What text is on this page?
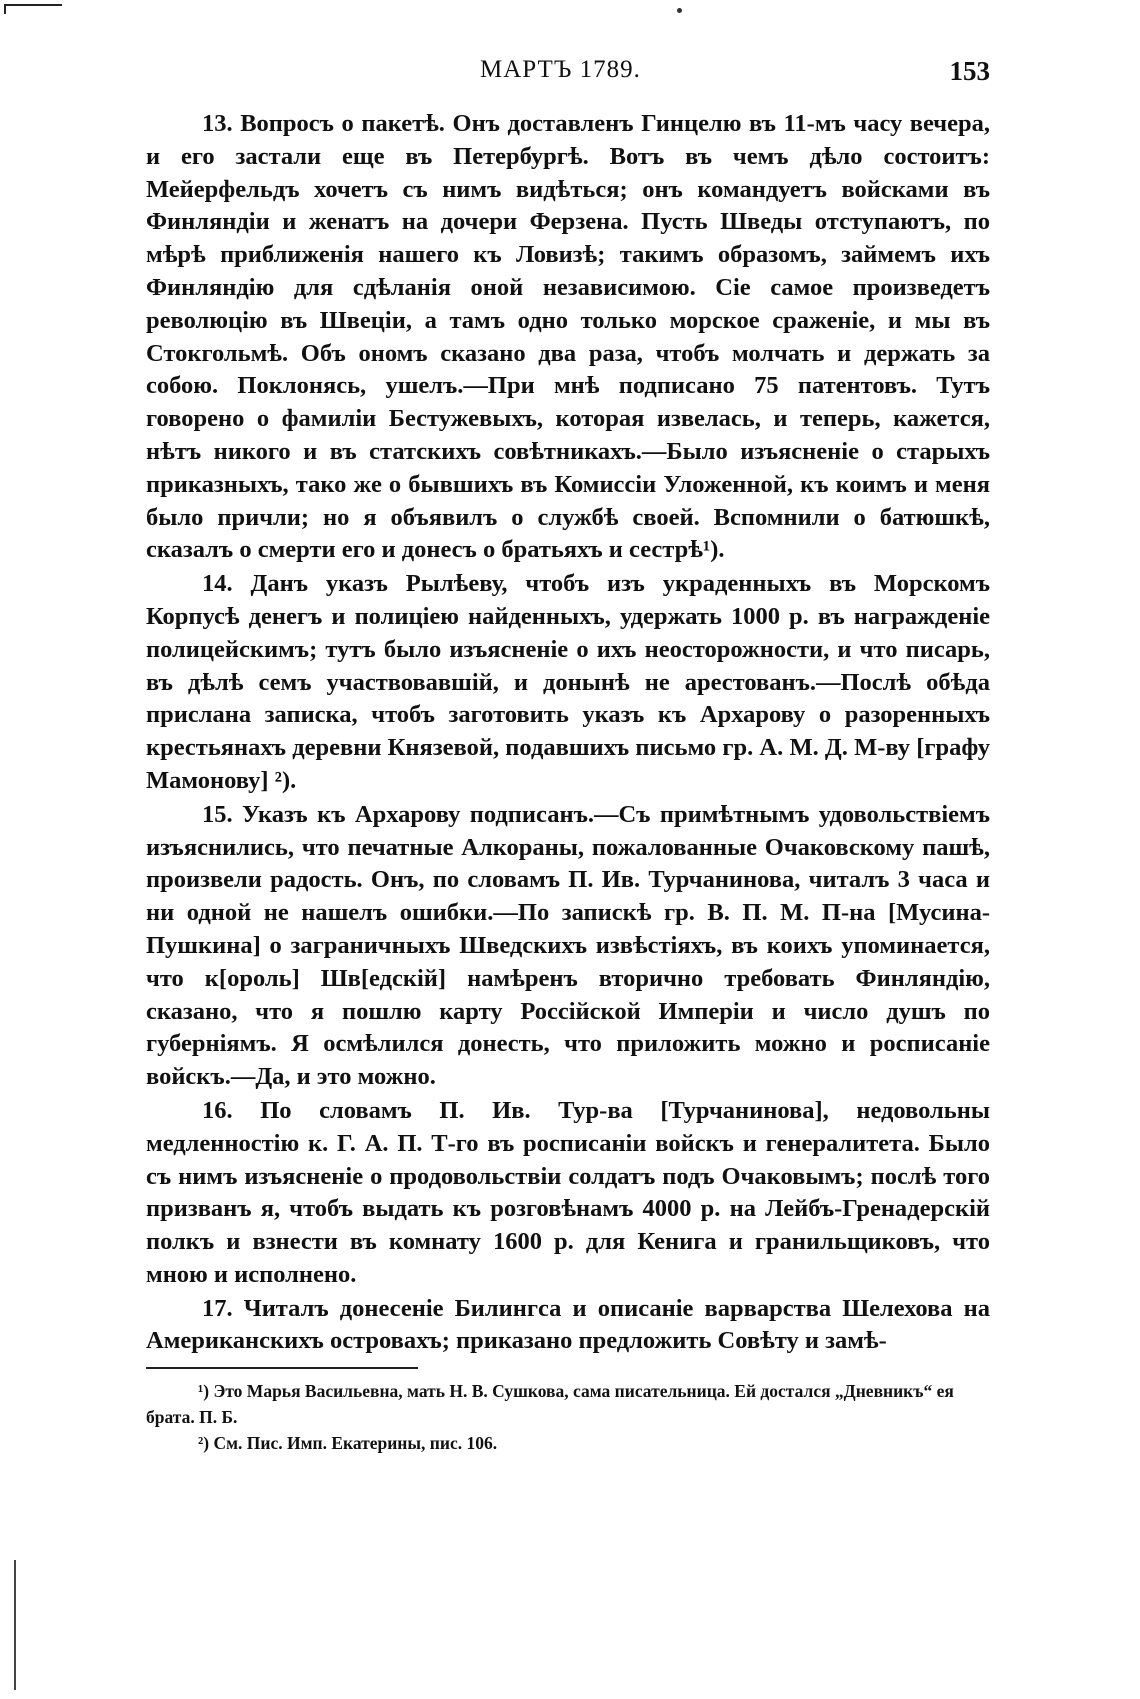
МАРТЪ 1789.	153

13. Вопросъ о пакетѣ. Онъ доставленъ Гинцелю въ 11-мъ часу вечера, и его застали еще въ Петербургѣ. Вотъ въ чемъ дѣло состоитъ: Мейерфельдъ хочетъ съ нимъ видѣться; онъ командуетъ войсками въ Финляндіи и женатъ на дочери Ферзена. Пусть Шведы отступаютъ, по мѣрѣ приближенія нашего къ Ловизѣ; такимъ образомъ, займемъ ихъ Финляндію для сдѣланія оной независимою. Сіе самое произведетъ революцію въ Швеціи, а тамъ одно только морское сраженіе, и мы въ Стокгольмѣ. Объ ономъ сказано два раза, чтобъ молчать и держать за собою. Поклонясь, ушелъ.—При мнѣ подписано 75 патентовъ. Тутъ говорено о фамиліи Бестужевыхъ, которая извелась, и теперь, кажется, нѣтъ никого и въ статскихъ совѣтникахъ.—Было изъясненіе о старыхъ приказныхъ, тако же о бывшихъ въ Комиссіи Уложенной, къ коимъ и меня было причли; но я объявилъ о службѣ своей. Вспомнили о батюшкѣ, сказалъ о смерти его и донесъ о братьяхъ и сестрѣ¹).

14. Данъ указъ Рылѣеву, чтобъ изъ украденныхъ въ Морскомъ Корпусѣ денегъ и полиціею найденныхъ, удержать 1000 р. въ награжденіе полицейскимъ; тутъ было изъясненіе о ихъ неосторожности, и что писарь, въ дѣлѣ семъ участвовавшій, и донынѣ не арестованъ.—Послѣ обѣда прислана записка, чтобъ заготовить указъ къ Архарову о разоренныхъ крестьянахъ деревни Князевой, подавшихъ письмо гр. А. М. Д. М-ву [графу Мамонову] ²).

15. Указъ къ Архарову подписанъ.—Съ примѣтнымъ удовольствіемъ изъяснились, что печатные Алкораны, пожалованные Очаковскому пашѣ, произвели радость. Онъ, по словамъ П. Ив. Турчанинова, читалъ 3 часа и ни одной не нашелъ ошибки.—По запискѣ гр. В. П. М. П-на [Мусина-Пушкина] о заграничныхъ Шведскихъ извѣстіяхъ, въ коихъ упоминается, что к[ороль] Шв[едскій] намѣренъ вторично требовать Финляндію, сказано, что я пошлю карту Россійской Имперіи и число душъ по губерніямъ. Я осмѣлился донесть, что приложить можно и росписаніе войскъ.—Да, и это можно.

16. По словамъ П. Ив. Тур-ва [Турчанинова], недовольны медленностію к. Г. А. П. Т-го въ росписаніи войскъ и генералитета. Было съ нимъ изъясненіе о продовольствіи солдатъ подъ Очаковымъ; послѣ того призванъ я, чтобъ выдать къ розговѣнамъ 4000 р. на Лейбъ-Гренадерскій полкъ и взнести въ комнату 1600 р. для Кенига и гранильщиковъ, что мною и исполнено.

17. Читалъ донесеніе Билингса и описаніе варварства Шелехова на Американскихъ островахъ; приказано предложить Совѣту и замѣ-

¹) Это Марья Васильевна, мать Н. В. Сушкова, сама писательница. Ей достался „Дневникъ“ ея брата. П. Б.

²) См. Пис. Имп. Екатерины, пис. 106.
